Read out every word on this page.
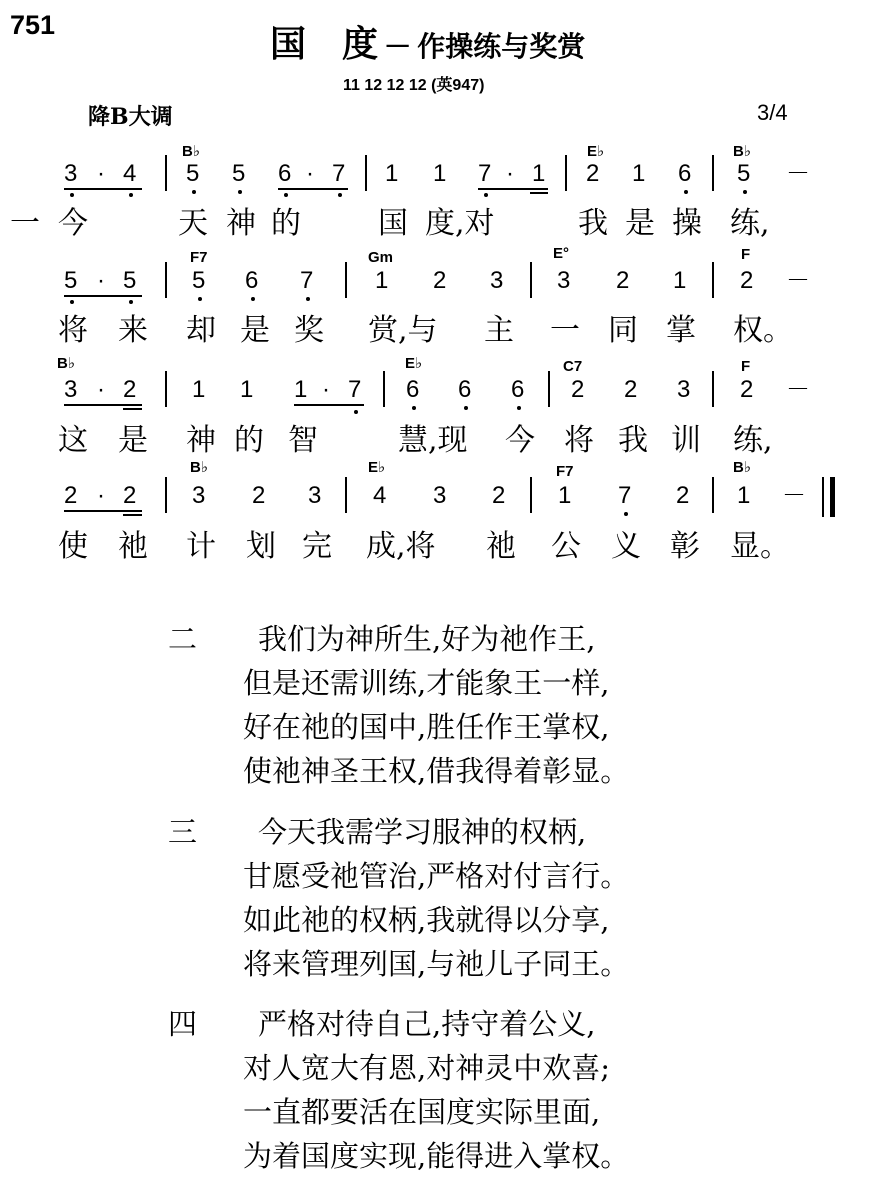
751	国　度 － 作操练与奖赏
11 12 12 12 (英947)
降B大调	3/4
B♭	E♭	B♭
3 · 4 5 5 6 · 7 1 1 7 · 1 2 1 6 5 －
一 今	天 神 的	国 度,对	我 是 操 练,
F7	Gm	E°	F
5 · 5 5 6 7	1 2 3 3 2 1 2 －
将 来 却 是 奖 赏,与 主 一 同 掌 权。
B♭	E♭	C7	F
3 · 2 1 1 1 · 7 6 6 6 2 2 3 2 －
这 是 神 的 智	慧,现 今 将 我 训 练,
B♭	E♭	F7	B♭
2 · 2 3 2 3 4 3 2 1 7 2 1 －
使 祂 计 划 完 成,将 祂 公 义 彰 显。
二 我们为神所生,好为祂作王,
但是还需训练,才能象王一样,
好在祂的国中,胜任作王掌权,
使祂神圣王权,借我得着彰显。
三 今天我需学习服神的权柄,
甘愿受祂管治,严格对付言行。
如此祂的权柄,我就得以分享,
将来管理列国,与祂儿子同王。
四 严格对待自己,持守着公义,
对人宽大有恩,对神灵中欢喜;
一直都要活在国度实际里面,
为着国度实现,能得进入掌权。
